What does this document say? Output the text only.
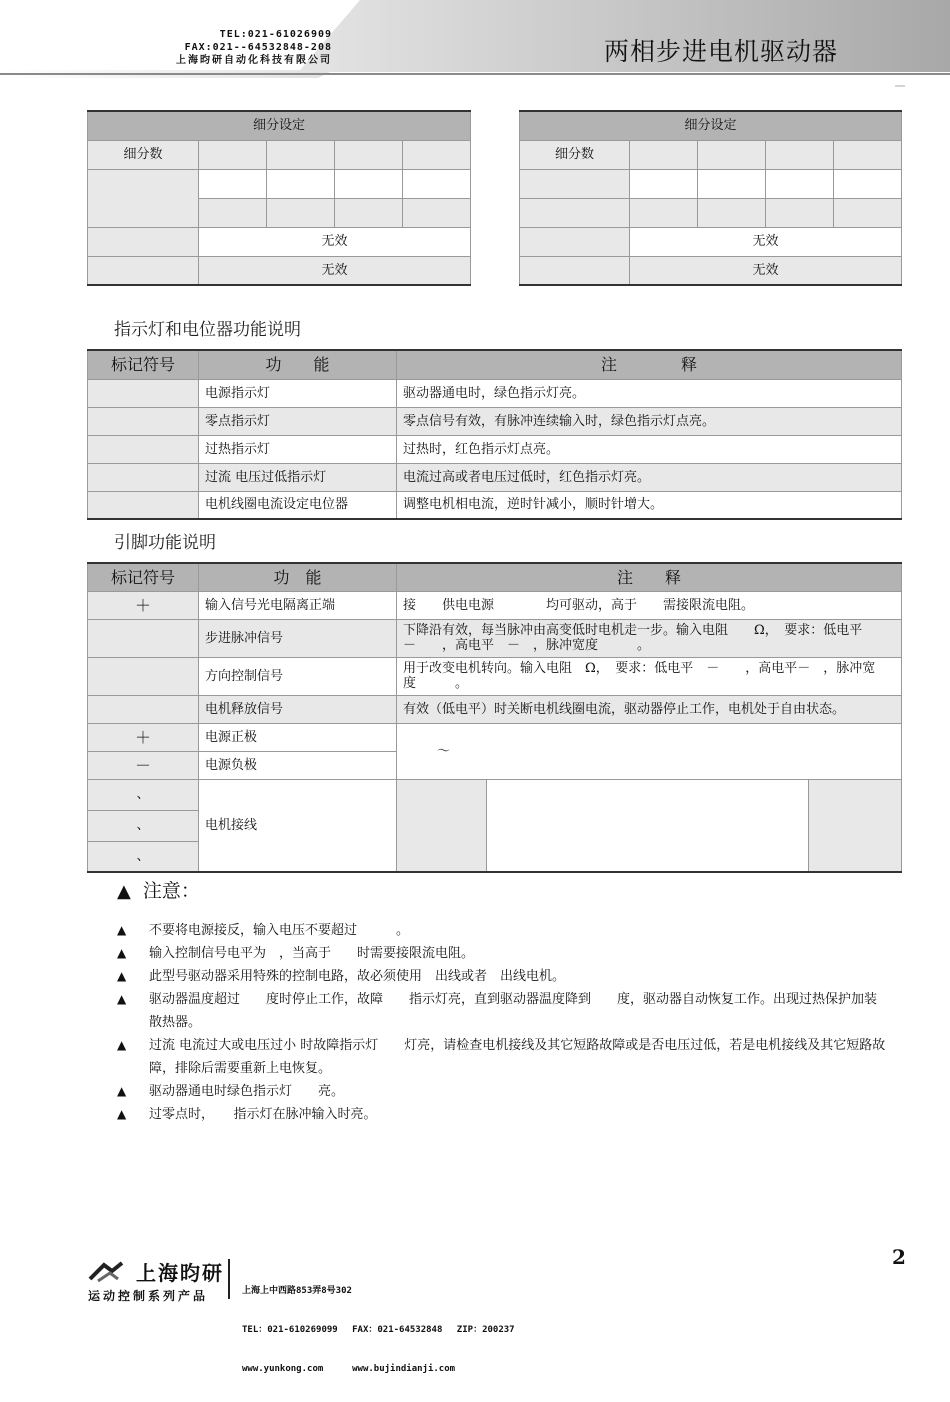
TEL:021-61026909
FAX:021--64532848-208
上海昀研自动化科技有限公司	两相步进电机驱动器
细分设定				
细分数				

	无效			
	无效			
细分设定				
细分数				

	无效			
	无效			
指示灯和电位器功能说明
标记符号	功　　能	注　　　　释
	电源指示灯	驱动器通电时，绿色指示灯亮。
	零点指示灯	零点信号有效，有脉冲连续输入时，绿色指示灯点亮。
	过热指示灯	过热时，红色指示灯点亮。
	过流 电压过低指示灯	电流过高或者电压过低时，红色指示灯亮。
	电机线圈电流设定电位器	调整电机相电流，逆时针减小，顺时针增大。
引脚功能说明
标记符号	功　能	注　　释		
＋	输入信号光电隔离正端	接　　供电电源　　　　均可驱动，高于　　需接限流电阻。		
	步进脉冲信号	下降沿有效，每当脉冲由高变低时电机走一步。输入电阻　　Ω，　要求：低电平　－　　，高电平　－　，脉冲宽度　　　。		
	方向控制信号	用于改变电机转向。输入电阻　Ω，　要求：低电平　－　　，高电平－　，脉冲宽度　　　。		
	电机释放信号	有效（低电平）时关断电机线圈电流，驱动器停止工作，电机处于自由状态。		
＋	电源正极	～		
－	电源负极			
、	电机接线			
、				
、				
▲ 注意：
▲	不要将电源接反，输入电压不要超过　　　。
▲	输入控制信号电平为　，当高于　　时需要接限流电阻。
▲	此型号驱动器采用特殊的控制电路，故必须使用　出线或者　出线电机。
▲	驱动器温度超过　　度时停止工作，故障　　指示灯亮，直到驱动器温度降到　　度，驱动器自动恢复工作。出现过热保护加装散热器。
▲	过流 电流过大或电压过小 时故障指示灯　　灯亮，请检查电机接线及其它短路故障或是否电压过低，若是电机接线及其它短路故障，排除后需要重新上电恢复。
▲	驱动器通电时绿色指示灯　　亮。
▲	过零点时，　　指示灯在脉冲输入时亮。
上海昀研
运动控制系列产品

	上海上中西路853弄8号302

TEL：021-610269099　 FAX：021-64532848　 ZIP：200237

www.yunkong.com　　  www.bujindianji.com

2
